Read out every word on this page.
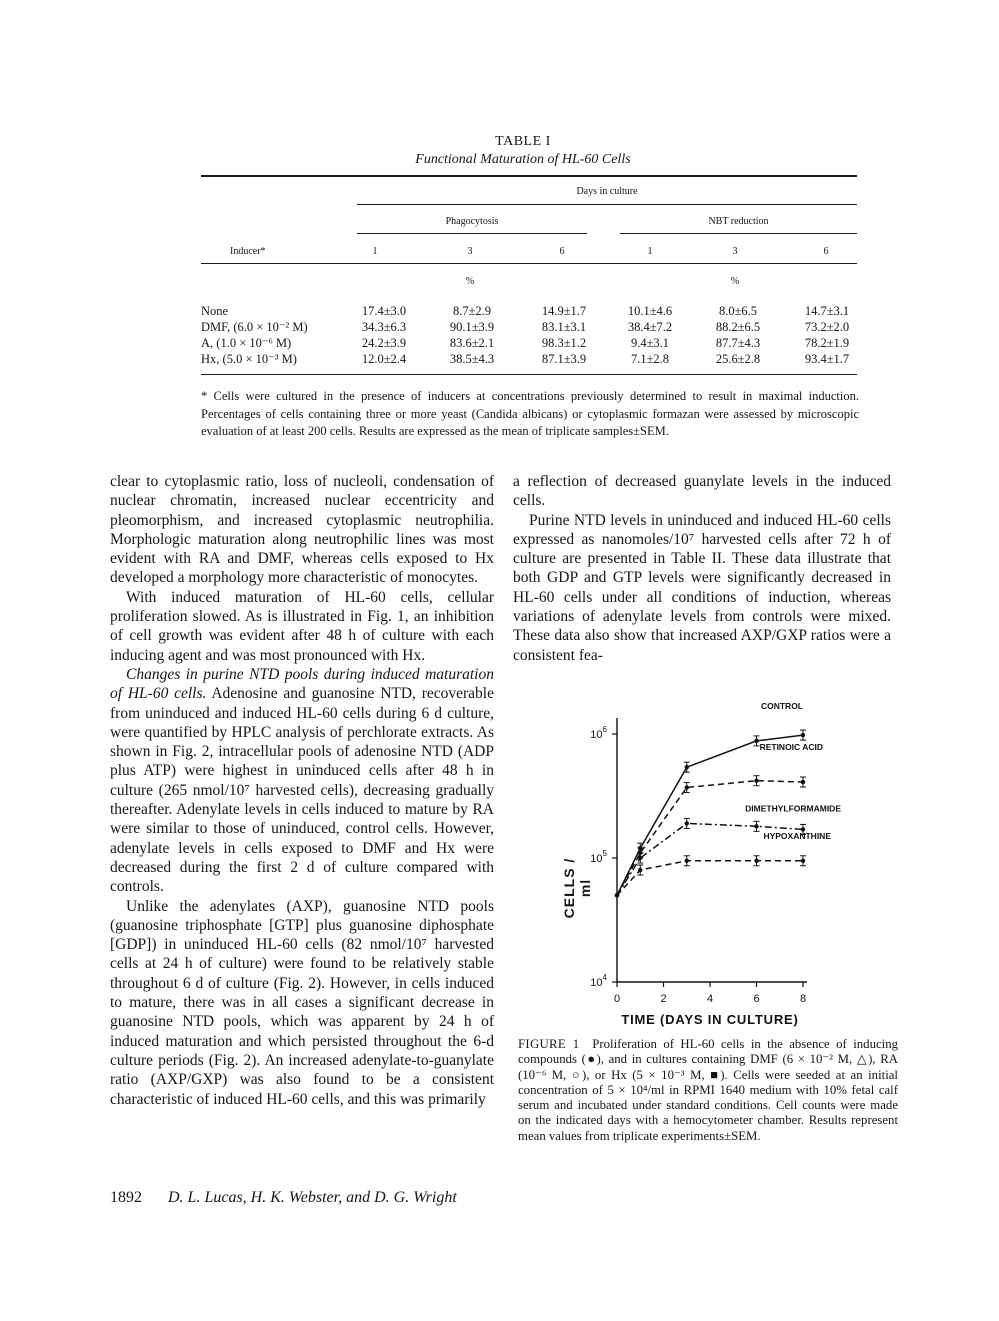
TABLE I
Functional Maturation of HL-60 Cells
Days in culture
Phagocytosis	NBT reduction
Inducer*	1	3	6	1	3	6
%	%
None	17.4±3.0	8.7±2.9	14.9±1.7	10.1±4.6	8.0±6.5	14.7±3.1
DMF, (6.0 × 10⁻² M)	34.3±6.3	90.1±3.9	83.1±3.1	38.4±7.2	88.2±6.5	73.2±2.0
A, (1.0 × 10⁻⁶ M)	24.2±3.9	83.6±2.1	98.3±1.2	9.4±3.1	87.7±4.3	78.2±1.9
Hx, (5.0 × 10⁻³ M)	12.0±2.4	38.5±4.3	87.1±3.9	7.1±2.8	25.6±2.8	93.4±1.7
* Cells were cultured in the presence of inducers at concentrations previously determined to result in maximal induction. Percentages of cells containing three or more yeast (Candida albicans) or cytoplasmic formazan were assessed by microscopic evaluation of at least 200 cells. Results are expressed as the mean of triplicate samples±SEM.

clear to cytoplasmic ratio, loss of nucleoli, condensation of nuclear chromatin, increased nuclear eccentricity and pleomorphism, and increased cytoplasmic neutrophilia. Morphologic maturation along neutrophilic lines was most evident with RA and DMF, whereas cells exposed to Hx developed a morphology more characteristic of monocytes.

With induced maturation of HL-60 cells, cellular proliferation slowed. As is illustrated in Fig. 1, an inhibition of cell growth was evident after 48 h of culture with each inducing agent and was most pronounced with Hx.

Changes in purine NTD pools during induced maturation of HL-60 cells. Adenosine and guanosine NTD, recoverable from uninduced and induced HL-60 cells during 6 d culture, were quantified by HPLC analysis of perchlorate extracts. As shown in Fig. 2, intracellular pools of adenosine NTD (ADP plus ATP) were highest in uninduced cells after 48 h in culture (265 nmol/10⁷ harvested cells), decreasing gradually thereafter. Adenylate levels in cells induced to mature by RA were similar to those of uninduced, control cells. However, adenylate levels in cells exposed to DMF and Hx were decreased during the first 2 d of culture compared with controls.

Unlike the adenylates (AXP), guanosine NTD pools (guanosine triphosphate [GTP] plus guanosine diphosphate [GDP]) in uninduced HL-60 cells (82 nmol/10⁷ harvested cells at 24 h of culture) were found to be relatively stable throughout 6 d of culture (Fig. 2). However, in cells induced to mature, there was in all cases a significant decrease in guanosine NTD pools, which was apparent by 24 h of induced maturation and which persisted throughout the 6-d culture periods (Fig. 2). An increased adenylate-to-guanylate ratio (AXP/GXP) was also found to be a consistent characteristic of induced HL-60 cells, and this was primarily

a reflection of decreased guanylate levels in the induced cells.

Purine NTD levels in uninduced and induced HL-60 cells expressed as nanomoles/10⁷ harvested cells after 72 h of culture are presented in Table II. These data illustrate that both GDP and GTP levels were significantly decreased in HL-60 cells under all conditions of induction, whereas variations of adenylate levels from controls were mixed. These data also show that increased AXP/GXP ratios were a consistent fea-

$10^4$
$10^5$
$10^6$
0	2	4	6	8
TIME (DAYS IN CULTURE)
CONTROL
RETINOIC ACID
DIMETHYLFORMAMIDE
HYPOXANTHINE
CELLS / ml
FIGURE 1 Proliferation of HL-60 cells in the absence of inducing compounds (●), and in cultures containing DMF (6 × 10⁻² M, △), RA (10⁻⁶ M, ○), or Hx (5 × 10⁻³ M, ■). Cells were seeded at an initial concentration of 5 × 10⁴/ml in RPMI 1640 medium with 10% fetal calf serum and incubated under standard conditions. Cell counts were made on the indicated days with a hemocytometer chamber. Results represent mean values from triplicate experiments±SEM.
1892 D. L. Lucas, H. K. Webster, and D. G. Wright
